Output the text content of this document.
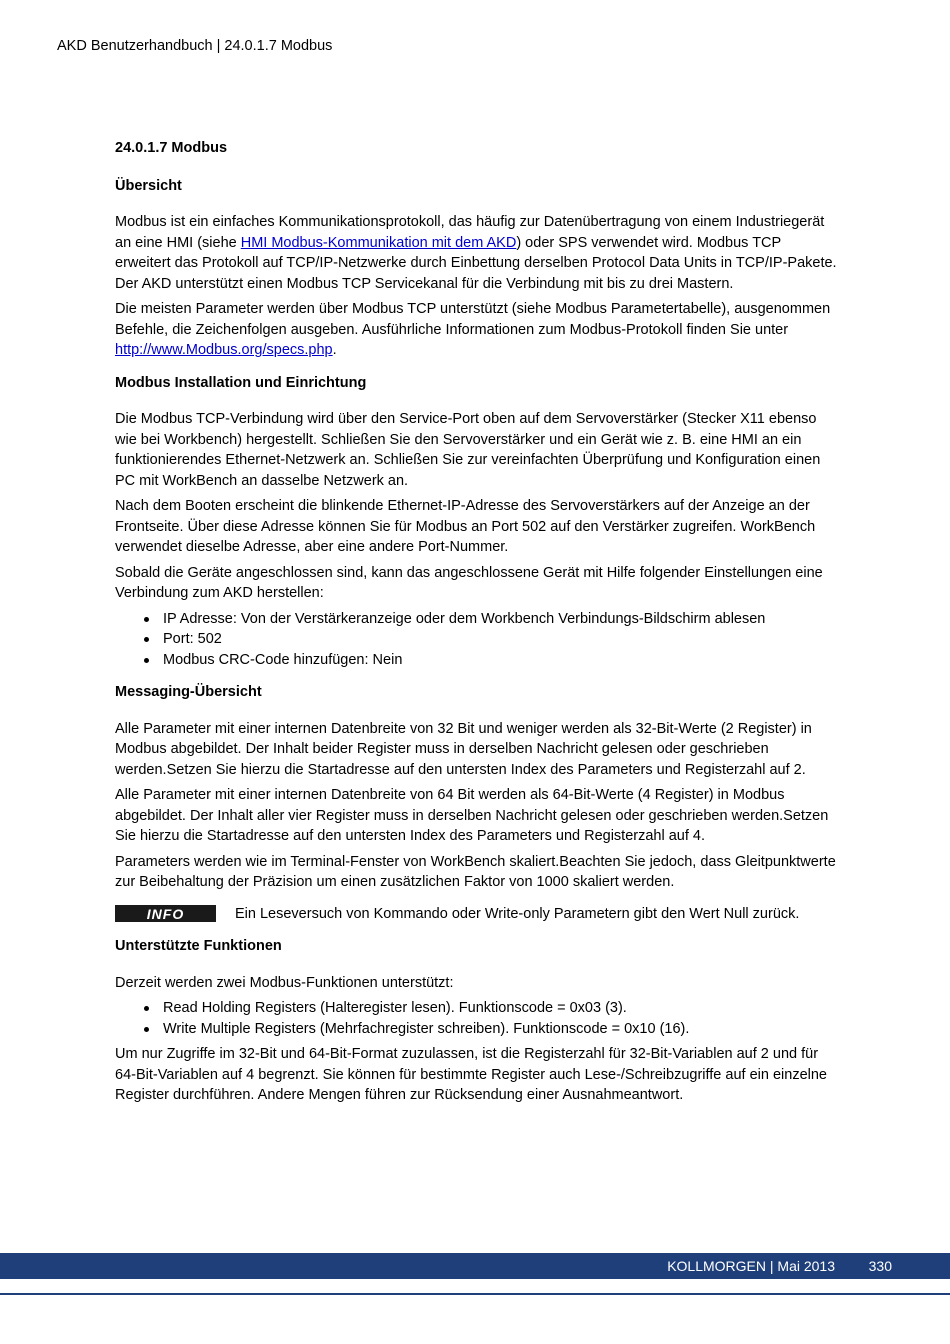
AKD Benutzerhandbuch | 24.0.1.7 Modbus
24.0.1.7 Modbus
Übersicht

Modbus ist ein einfaches Kommunikationsprotokoll, das häufig zur Datenübertragung von einem Industriegerät an eine HMI (siehe HMI Modbus-Kommunikation mit dem AKD) oder SPS verwendet wird. Modbus TCP erweitert das Protokoll auf TCP/IP-Netzwerke durch Einbettung derselben Protocol Data Units in TCP/IP-Pakete. Der AKD unterstützt einen Modbus TCP Servicekanal für die Verbindung mit bis zu drei Mastern.

Die meisten Parameter werden über Modbus TCP unterstützt (siehe Modbus Parametertabelle), ausgenommen Befehle, die Zeichenfolgen ausgeben. Ausführliche Informationen zum Modbus-Protokoll finden Sie unter http://www.Modbus.org/specs.php.

Modbus Installation und Einrichtung

Die Modbus TCP-Verbindung wird über den Service-Port oben auf dem Servoverstärker (Stecker X11 ebenso wie bei Workbench) hergestellt. Schließen Sie den Servoverstärker und ein Gerät wie z. B. eine HMI an ein funktionierendes Ethernet-Netzwerk an. Schließen Sie zur vereinfachten Überprüfung und Konfiguration einen PC mit WorkBench an dasselbe Netzwerk an.

Nach dem Booten erscheint die blinkende Ethernet-IP-Adresse des Servoverstärkers auf der Anzeige an der Frontseite. Über diese Adresse können Sie für Modbus an Port 502 auf den Verstärker zugreifen. WorkBench verwendet dieselbe Adresse, aber eine andere Port-Nummer.

Sobald die Geräte angeschlossen sind, kann das angeschlossene Gerät mit Hilfe folgender Einstellungen eine Verbindung zum AKD herstellen:

IP Adresse: Von der Verstärkeranzeige oder dem Workbench Verbindungs-Bildschirm ablesen
Port: 502
Modbus CRC-Code hinzufügen: Nein
Messaging-Übersicht

Alle Parameter mit einer internen Datenbreite von 32 Bit und weniger werden als 32-Bit-Werte (2 Register) in Modbus abgebildet. Der Inhalt beider Register muss in derselben Nachricht gelesen oder geschrieben werden.Setzen Sie hierzu die Startadresse auf den untersten Index des Parameters und Registerzahl auf 2.

Alle Parameter mit einer internen Datenbreite von 64 Bit werden als 64-Bit-Werte (4 Register) in Modbus abgebildet. Der Inhalt aller vier Register muss in derselben Nachricht gelesen oder geschrieben werden.Setzen Sie hierzu die Startadresse auf den untersten Index des Parameters und Registerzahl auf 4.

Parameters werden wie im Terminal-Fenster von WorkBench skaliert.Beachten Sie jedoch, dass Gleitpunktwerte zur Beibehaltung der Präzision um einen zusätzlichen Faktor von 1000 skaliert werden.

INFO	Ein Leseversuch von Kommando oder Write-only Parametern gibt den Wert Null zurück.
Unterstützte Funktionen

Derzeit werden zwei Modbus-Funktionen unterstützt:

Read Holding Registers (Halteregister lesen). Funktionscode = 0x03 (3).
Write Multiple Registers (Mehrfachregister schreiben). Funktionscode = 0x10 (16).

Um nur Zugriffe im 32-Bit und 64-Bit-Format zuzulassen, ist die Registerzahl für 32-Bit-Variablen auf 2 und für 64-Bit-Variablen auf 4 begrenzt. Sie können für bestimmte Register auch Lese-/Schreibzugriffe auf ein einzelne Register durchführen. Andere Mengen führen zur Rücksendung einer Ausnahmeantwort.

KOLLMORGEN | Mai 2013 330
